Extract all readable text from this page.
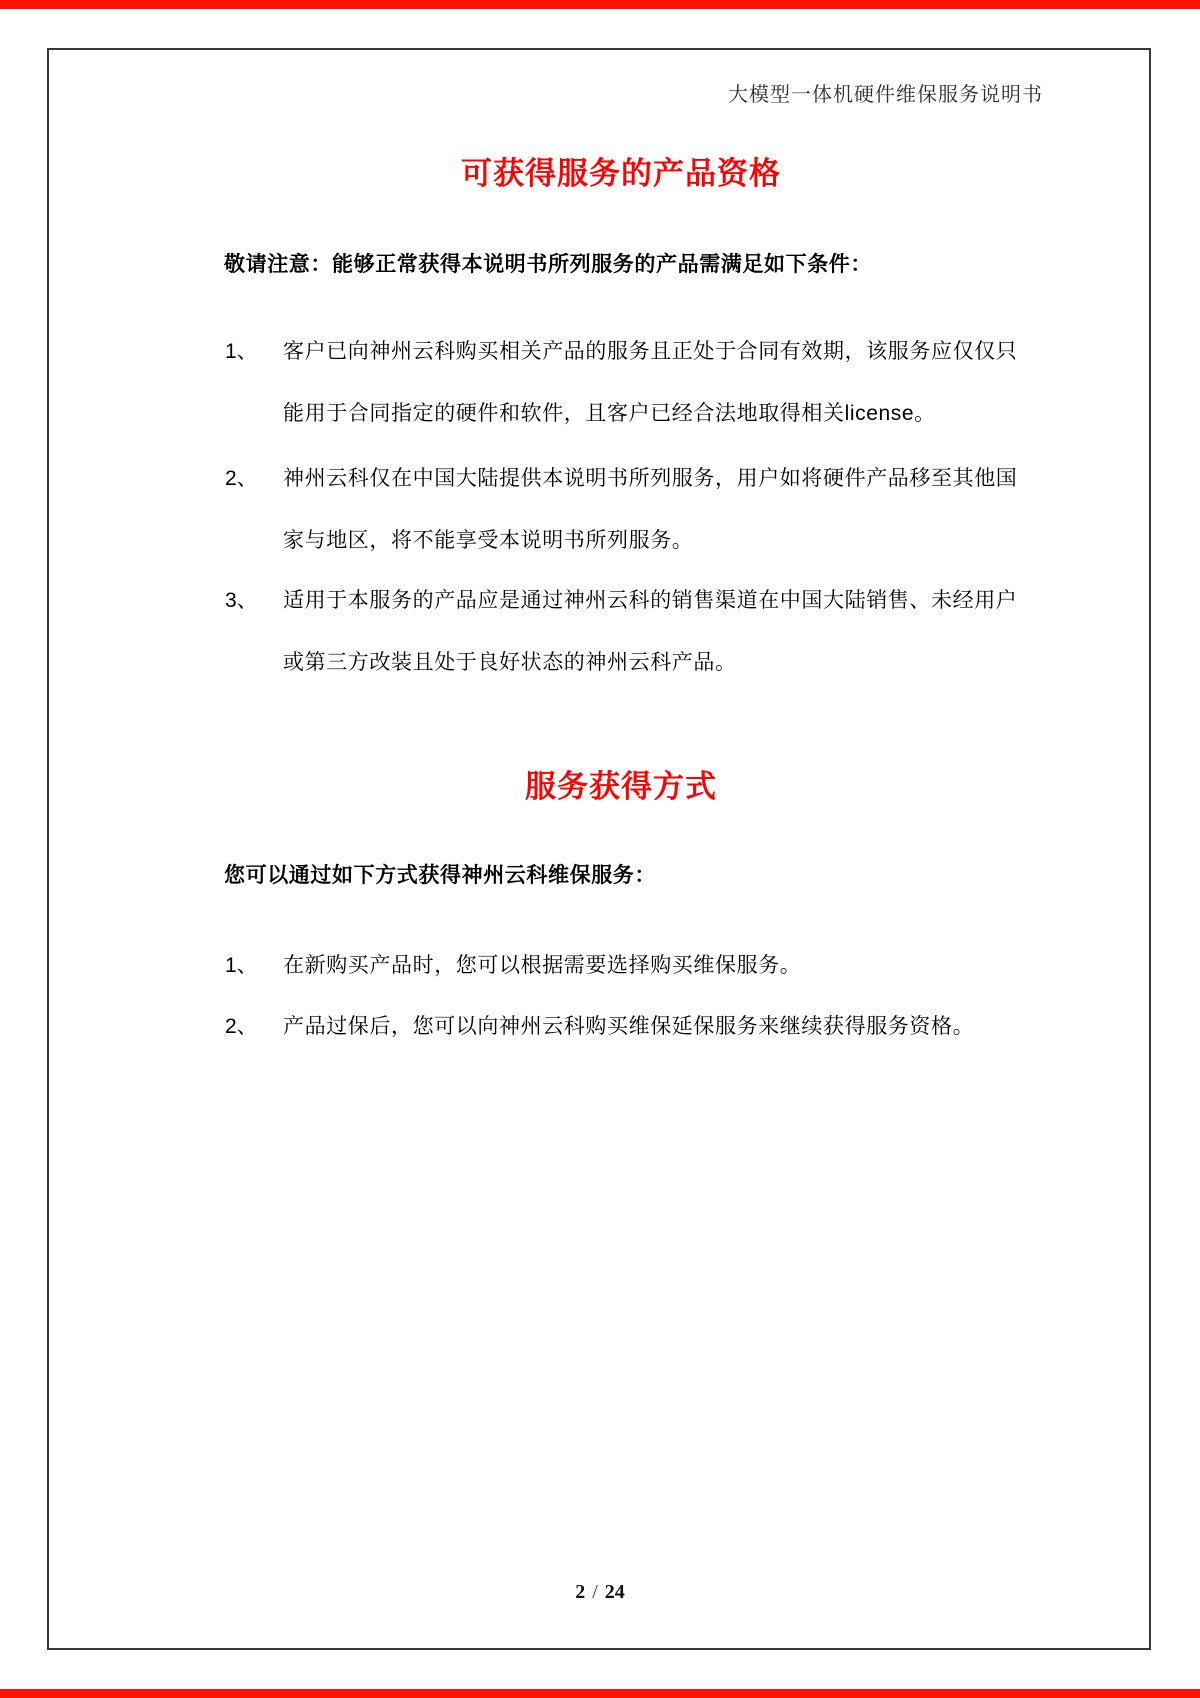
大模型一体机硬件维保服务说明书
可获得服务的产品资格

敬请注意：能够正常获得本说明书所列服务的产品需满足如下条件：

1、 客户已向神州云科购买相关产品的服务且正处于合同有效期，该服务应仅仅只
能用于合同指定的硬件和软件，且客户已经合法地取得相关license。
2、 神州云科仅在中国大陆提供本说明书所列服务，用户如将硬件产品移至其他国
家与地区，将不能享受本说明书所列服务。
3、 适用于本服务的产品应是通过神州云科的销售渠道在中国大陆销售、未经用户
或第三方改装且处于良好状态的神州云科产品。
服务获得方式

您可以通过如下方式获得神州云科维保服务：

1、 在新购买产品时，您可以根据需要选择购买维保服务。
2、 产品过保后，您可以向神州云科购买维保延保服务来继续获得服务资格。
2 / 24
